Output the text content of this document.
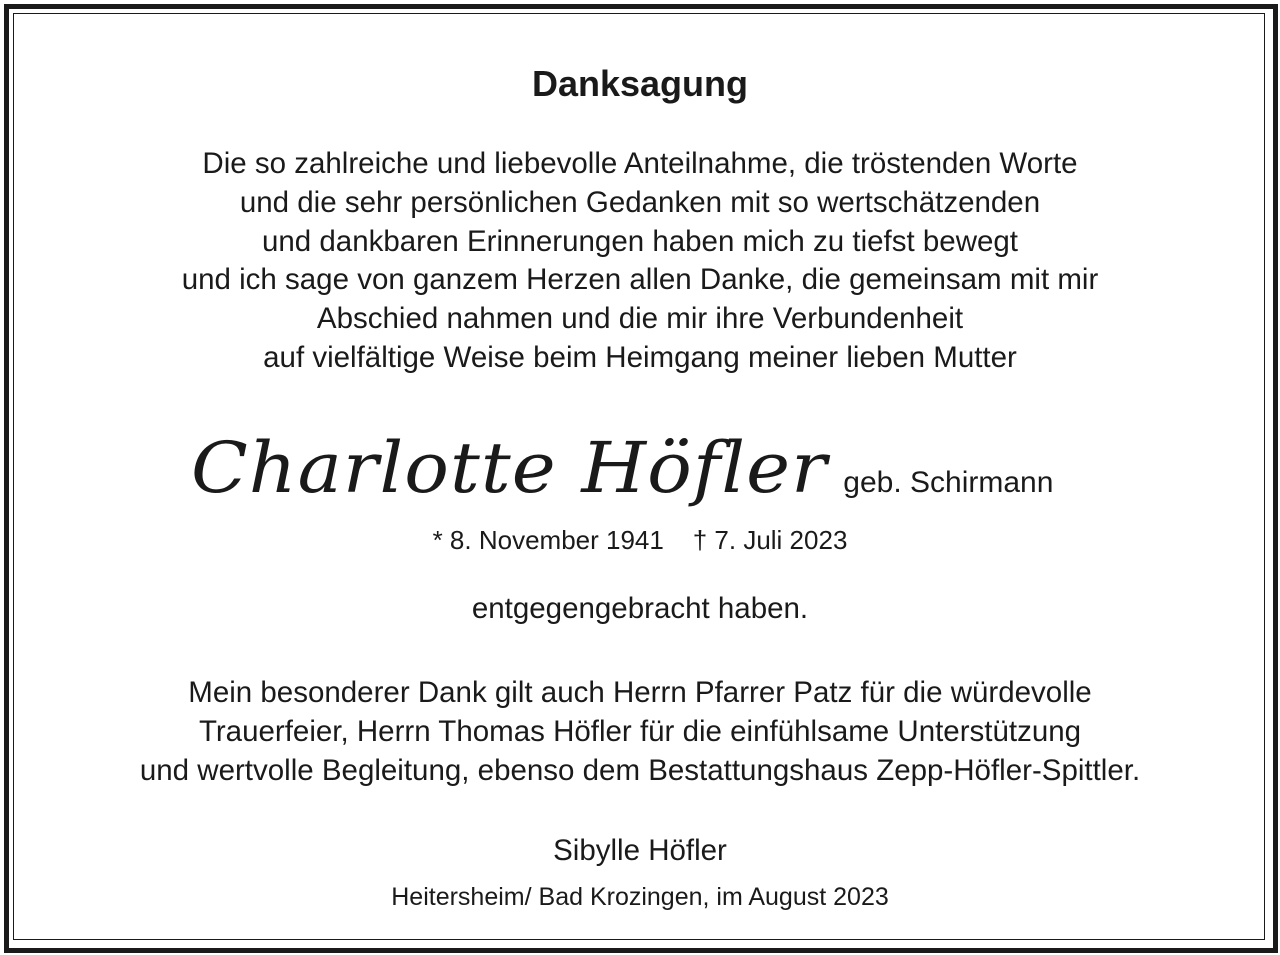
Danksagung
Die so zahlreiche und liebevolle Anteilnahme, die tröstenden Worte
und die sehr persönlichen Gedanken mit so wertschätzenden
und dankbaren Erinnerungen haben mich zu tiefst bewegt
und ich sage von ganzem Herzen allen Danke, die gemeinsam mit mir
Abschied nahmen und die mir ihre Verbundenheit
auf vielfältige Weise beim Heimgang meiner lieben Mutter
Charlotte Höfler geb. Schirmann
* 8. November 1941    † 7. Juli 2023
entgegengebracht haben.
Mein besonderer Dank gilt auch Herrn Pfarrer Patz für die würdevolle
Trauerfeier, Herrn Thomas Höfler für die einfühlsame Unterstützung
und wertvolle Begleitung, ebenso dem Bestattungshaus Zepp-Höfler-Spittler.
Sibylle Höfler
Heitersheim/ Bad Krozingen, im August 2023
